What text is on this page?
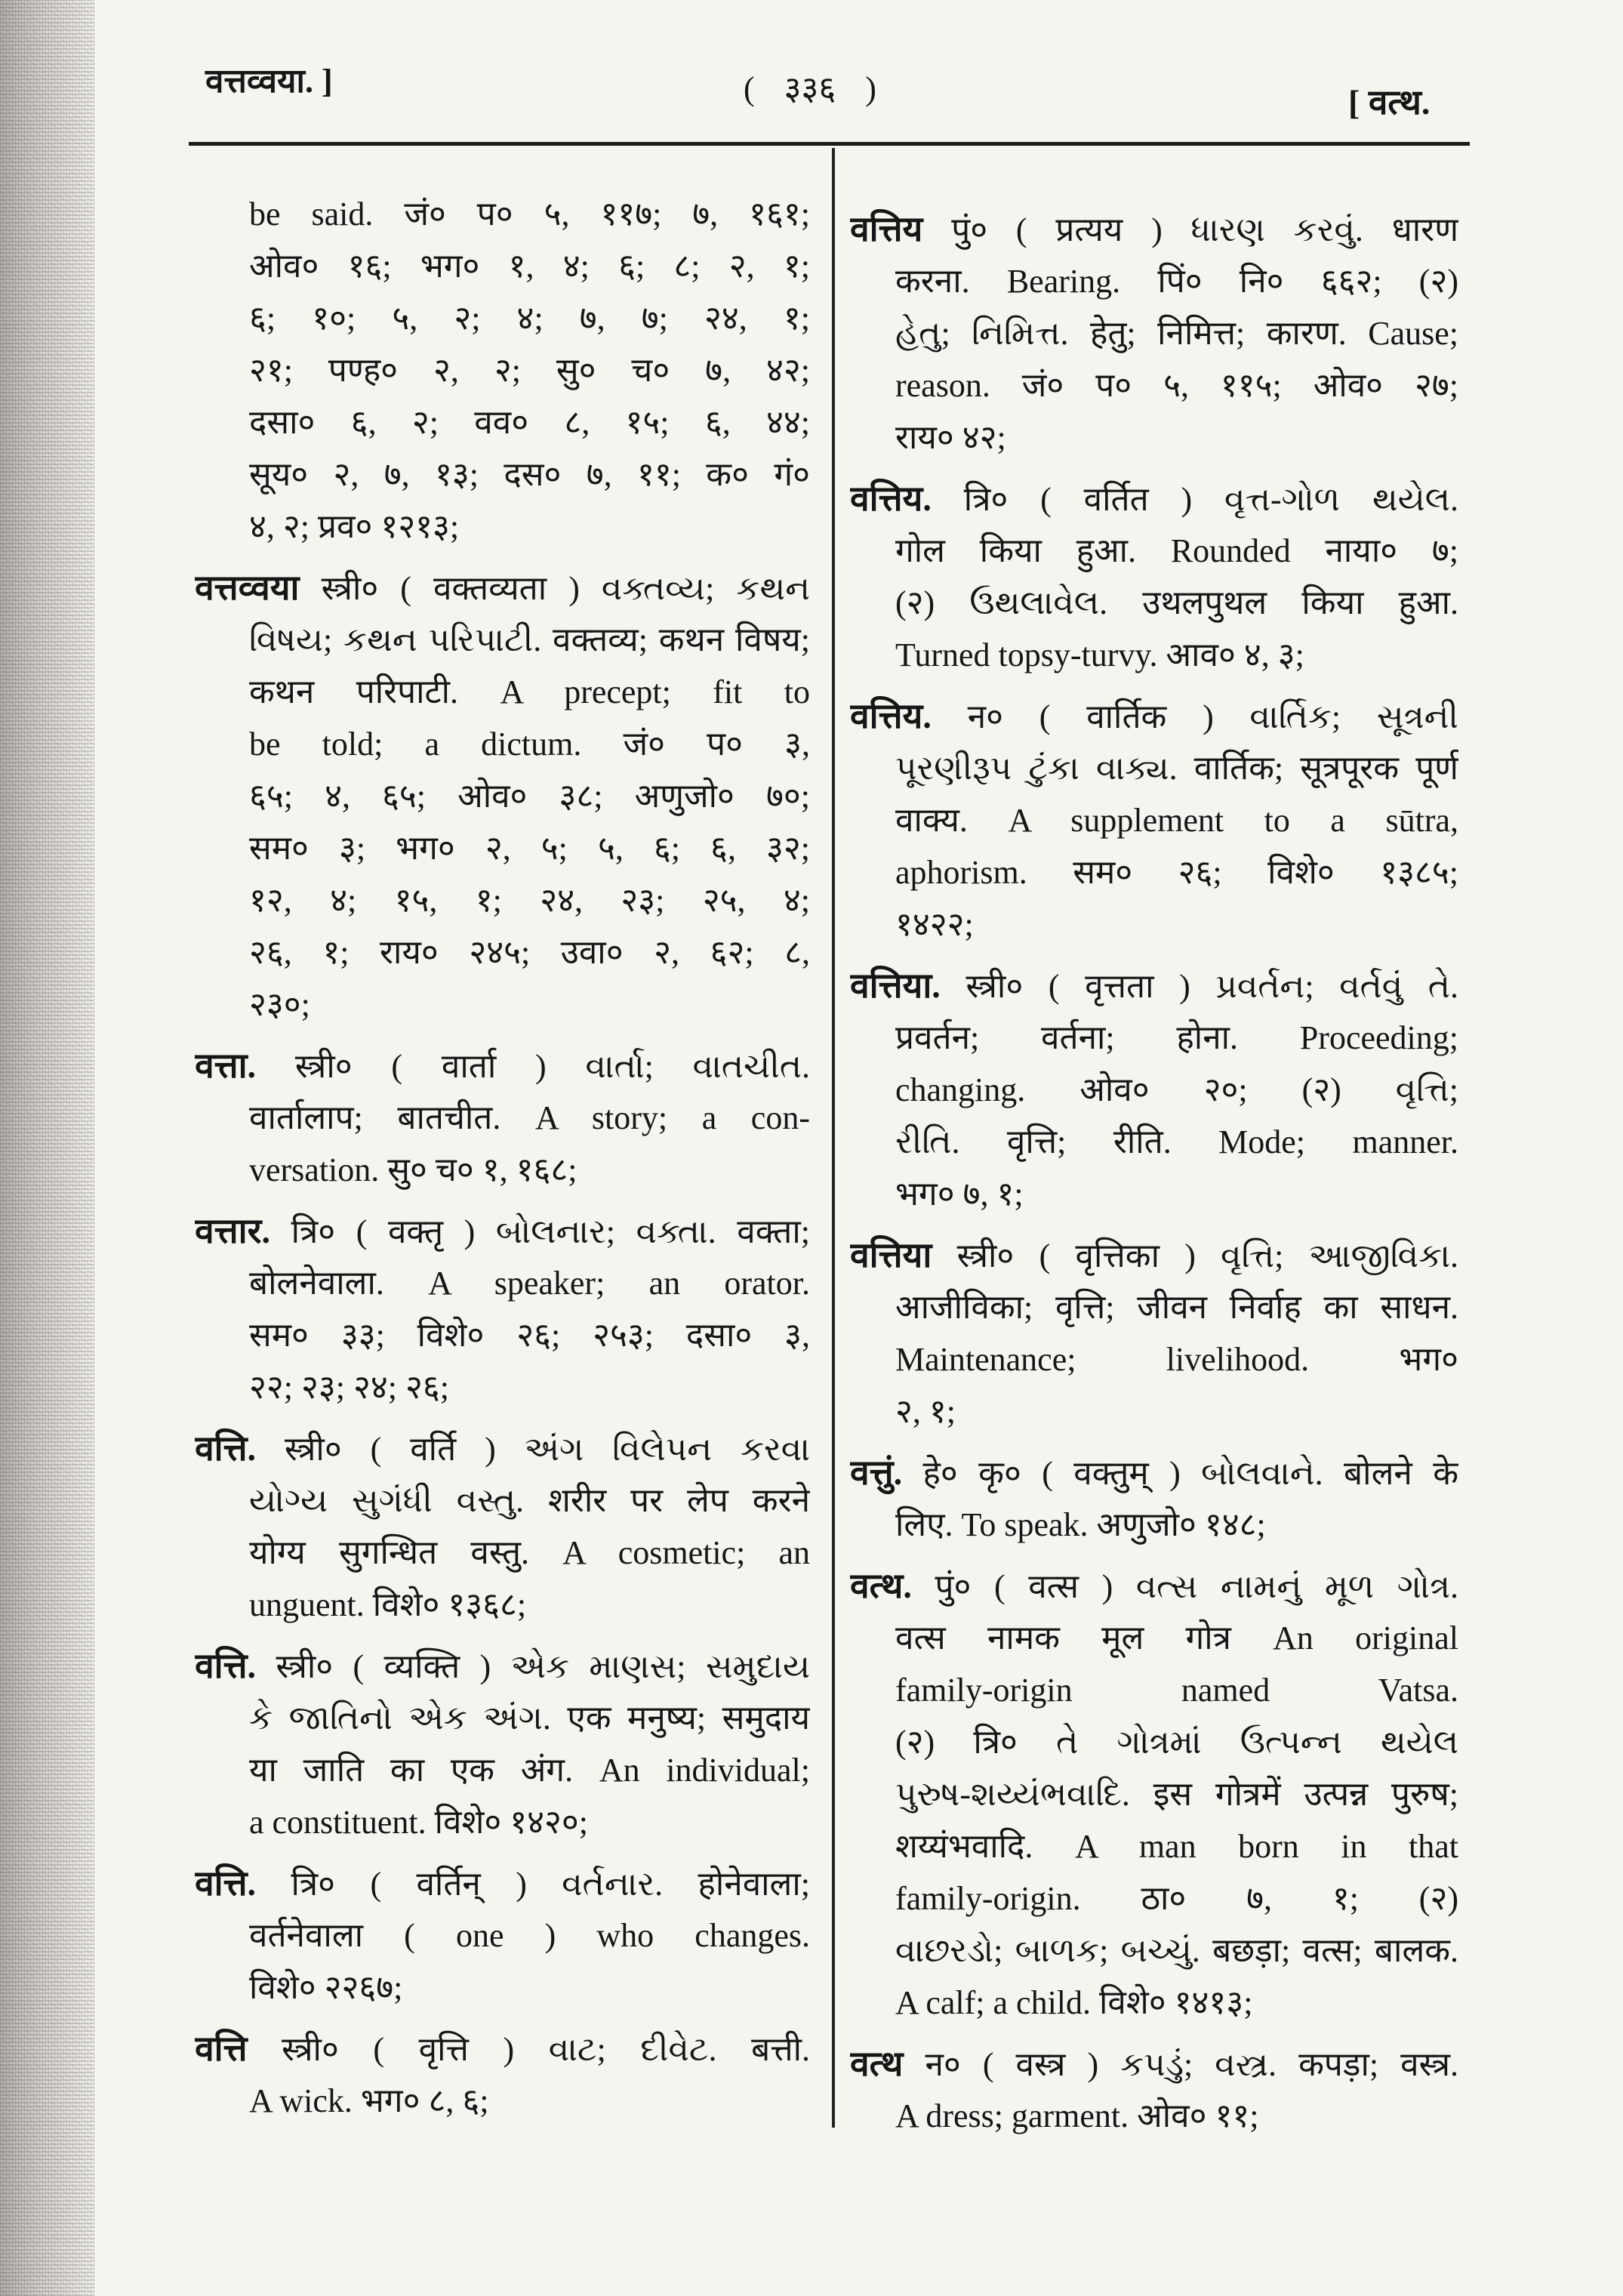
वत्तव्वया. ]	( ३३६ )	[ वत्थ.
be said. जं० प० ५, ११७; ७, १६१;
ओव० १६; भग० १, ४; ६; ८; २, १;
६; १०; ५, २; ४; ७, ७; २४, १;
२१; पण्ह० २, २; सु० च० ७, ४२;
दसा० ६, २; वव० ८, १५; ६, ४४;
सूय० २, ७, १३; दस० ७, ११; क० गं०
४, २; प्रव० १२१३;
वत्तव्वया स्त्री० ( वक्तव्यता ) વક્તવ્ય; કથન
વિષય; કથન પરિપાટી. वक्तव्य; कथन विषय;
कथन परिपाटी. A precept; fit to
be told; a dictum. जं० प० ३,
६५; ४, ६५; ओव० ३८; अणुजो० ७०;
सम० ३; भग० २, ५; ५, ६; ६, ३२;
१२, ४; १५, १; २४, २३; २५, ४;
२६, १; राय० २४५; उवा० २, ६२; ८,
२३०;
वत्ता. स्त्री० ( वार्ता ) વાર્તા; વાતચીત.
वार्तालाप; बातचीत. A story; a con-
versation. सु० च० १, १६८;
वत्तार. त्रि० ( वक्तृ ) બોલનાર; વક્તા. वक्ता;
बोलनेवाला. A speaker; an orator.
सम० ३३; विशे० २६; २५३; दसा० ३,
२२; २३; २४; २६;
वत्ति. स्त्री० ( वर्ति ) અંગ વિલેપન કરવા
યોગ્ય સુગંધી વસ્તુ. शरीर पर लेप करने
योग्य सुगन्धित वस्तु. A cosmetic; an
unguent. विशे० १३६८;
वत्ति. स्त्री० ( व्यक्ति ) એક માણસ; સમુદાય
કે જાતિનો એક અંગ. एक मनुष्य; समुदाय
या जाति का एक अंग. An individual;
a constituent. विशे० १४२०;
वत्ति. त्रि० ( वर्तिन् ) વર્તનાર. होनेवाला;
वर्तनेवाला ( one ) who changes.
विशे० २२६७;
वत्ति स्त्री० ( वृत्ति ) વાટ; દીવેટ. बत्ती.
A wick. भग० ८, ६;
वत्तिय पुं० ( प्रत्यय ) ધારણ કરવું. धारण
करना. Bearing. पिं० नि० ६६२; (२)
હેતુ; નિમિત્ત. हेतु; निमित्त; कारण. Cause;
reason. जं० प० ५, ११५; ओव० २७;
राय० ४२;
वत्तिय. त्रि० ( वर्तित ) વૃત્ત-ગોળ થયેલ.
गोल किया हुआ. Rounded नाया० ७;
(२) ઉથલાવેલ. उथलपुथल किया हुआ.
Turned topsy-turvy. आव० ४, ३;
वत्तिय. न० ( वार्तिक ) વાર્તિક; સૂત્રની
પૂરણીરૂપ ટુંકા વાક્ય. वार्तिक; सूत्रपूरक पूर्ण
वाक्य. A supplement to a sūtra,
aphorism. सम० २६; विशे० १३८५;
१४२२;
वत्तिया. स्त्री० ( वृत्तता ) પ્રવર્તન; વર્તવું તે.
प्रवर्तन; वर्तना; होना. Proceeding;
changing. ओव० २०; (२) વૃત્તિ;
રીતિ. वृत्ति; रीति. Mode; manner.
भग० ७, १;
वत्तिया स्त्री० ( वृत्तिका ) વૃત્તિ; આજીવિકા.
आजीविका; वृत्ति; जीवन निर्वाह का साधन.
Maintenance; livelihood. भग०
२, १;
वत्तुं. हे० कृ० ( वक्तुम् ) બોલવાને. बोलने के
लिए. To speak. अणुजो० १४८;
वत्थ. पुं० ( वत्स ) વત્સ નામનું મૂળ ગોત્ર.
वत्स नामक मूल गोत्र An original
family-origin named Vatsa.
(२) त्रि० તે ગોત્રમાં ઉત્પન્ન થયેલ
પુરુષ-શય્યંભવાદિ. इस गोत्रमें उत्पन्न पुरुष;
शय्यंभवादि. A man born in that
family-origin. ठा० ७, १; (२)
વાછરડો; બાળક; બચ્ચું. बछड़ा; वत्स; बालक.
A calf; a child. विशे० १४१३;
वत्थ न० ( वस्त्र ) કપડું; વસ્ત્ર. कपड़ा; वस्त्र.
A dress; garment. ओव० ११;
